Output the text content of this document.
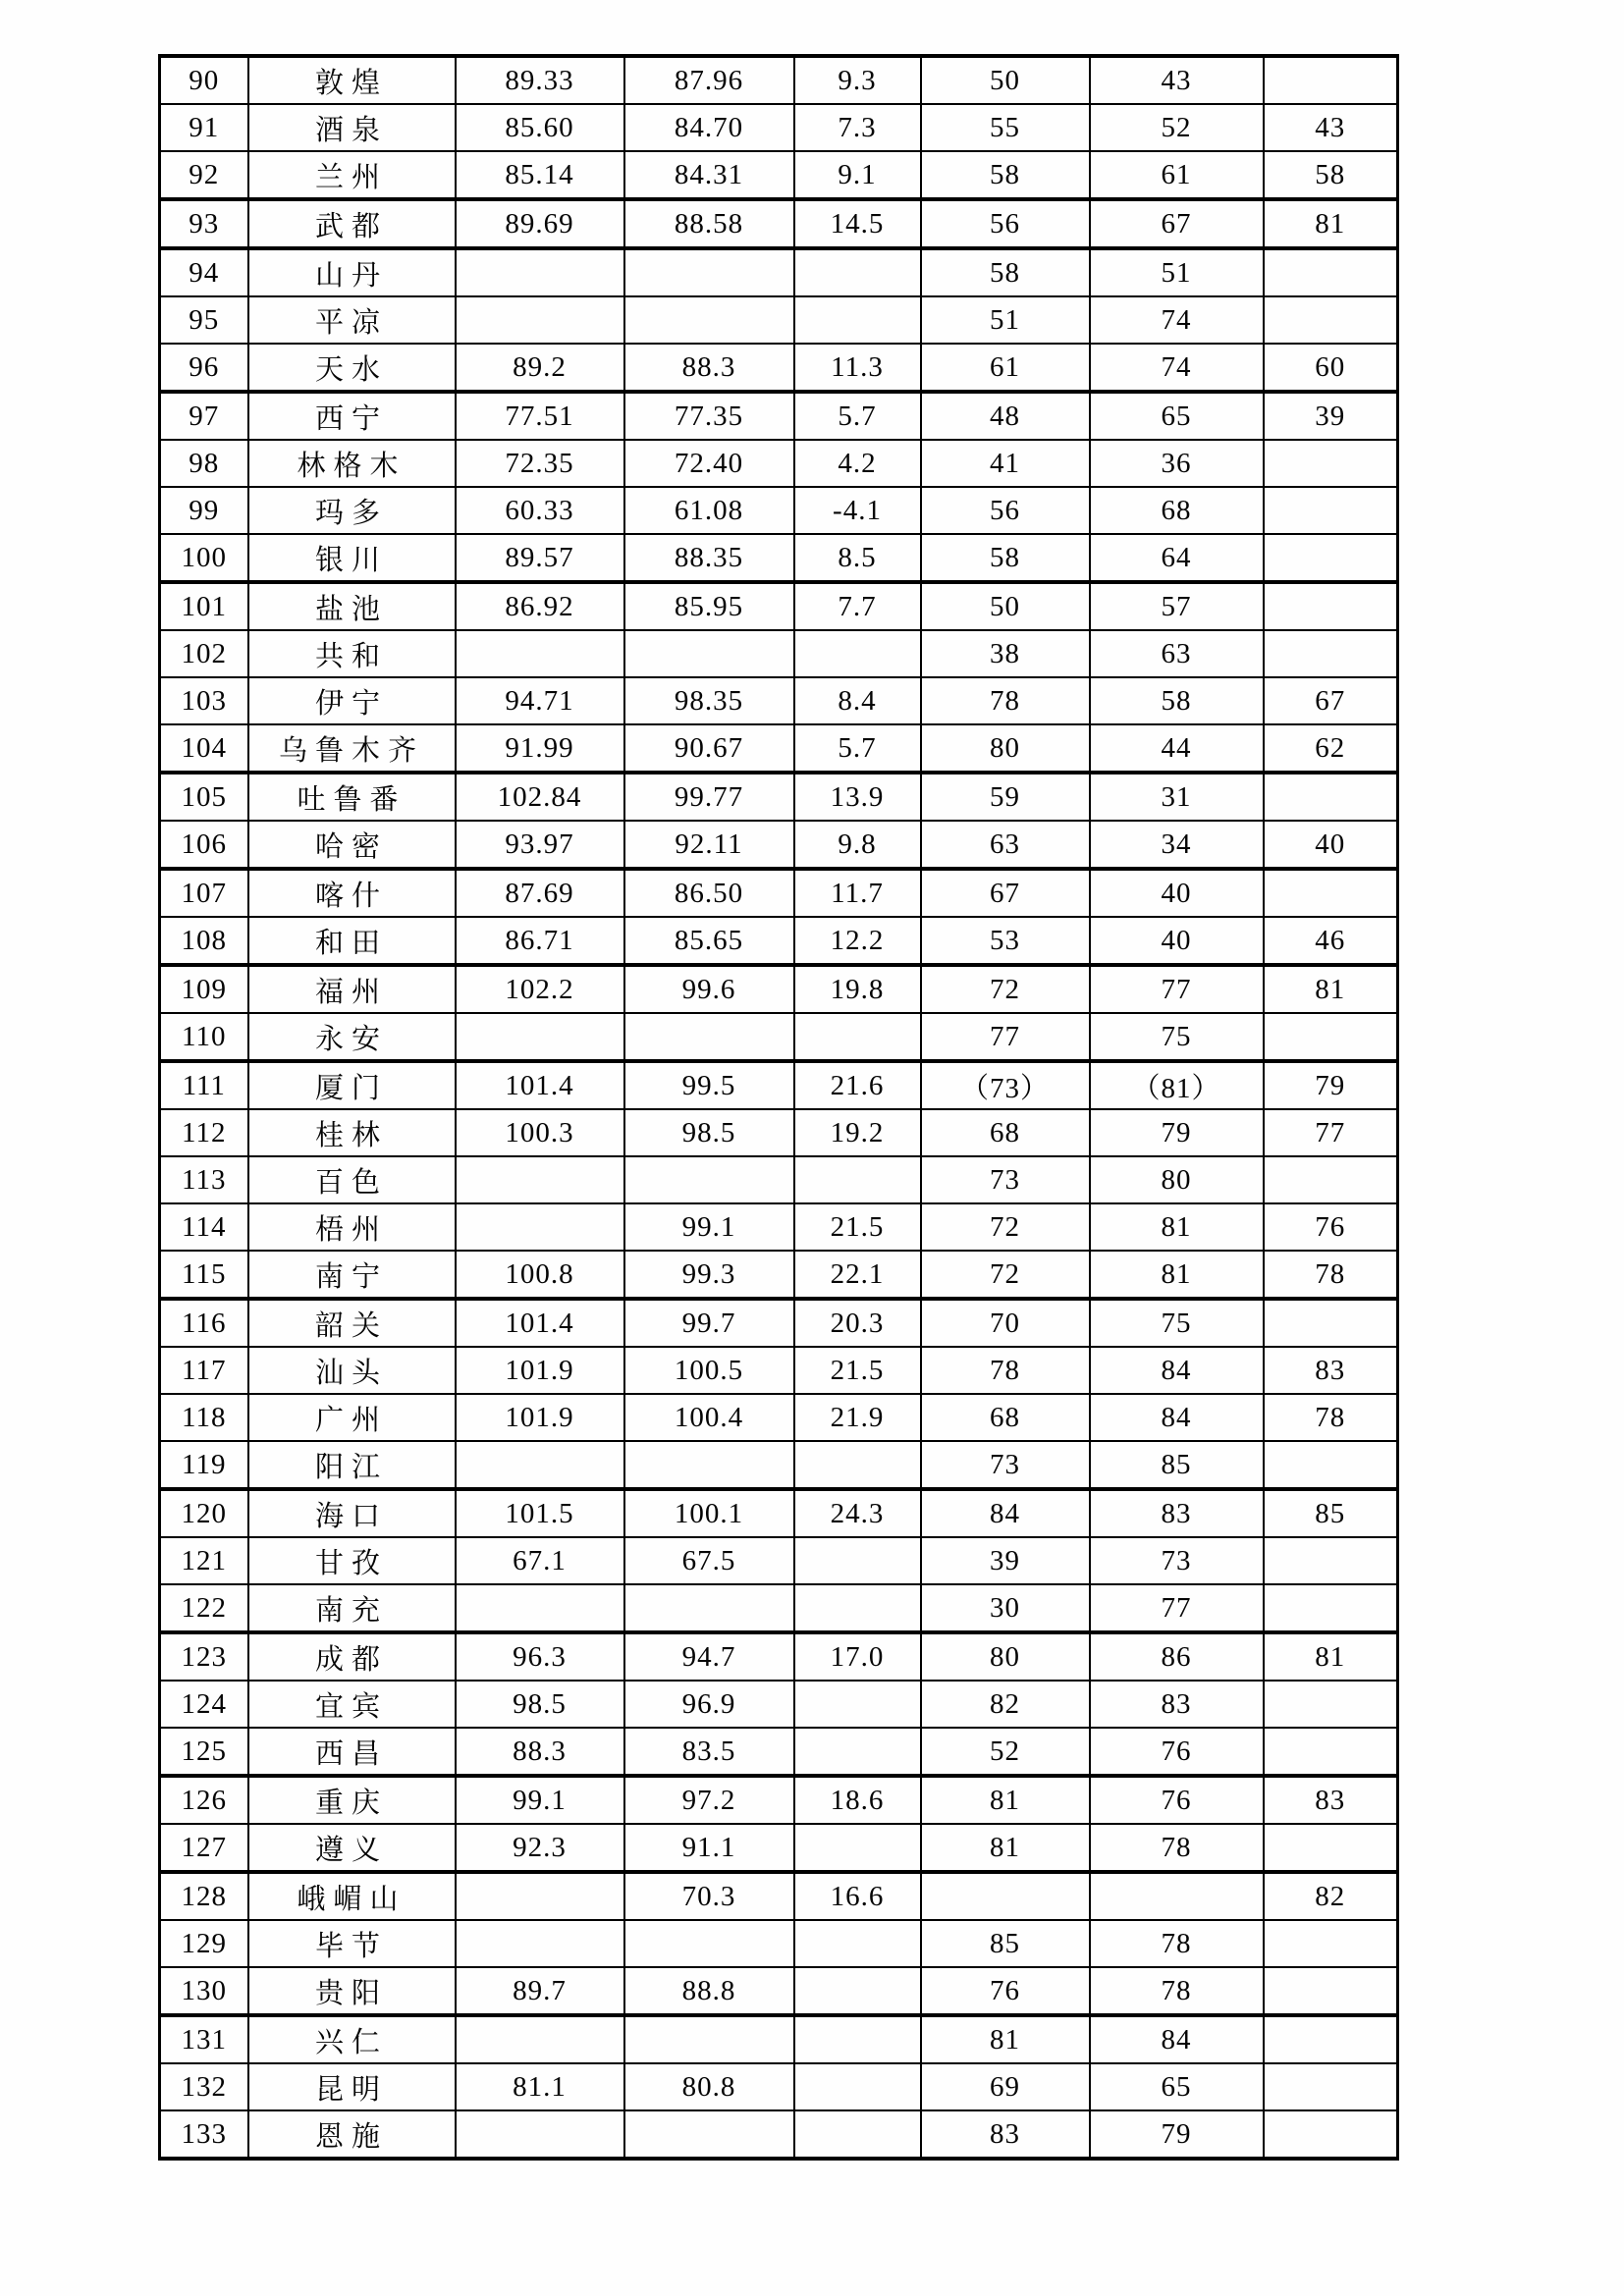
90	敦煌	89.33	87.96	9.3	50	43	
91	酒泉	85.60	84.70	7.3	55	52	43
92	兰州	85.14	84.31	9.1	58	61	58
93	武都	89.69	88.58	14.5	56	67	81
94	山丹				58	51	
95	平凉				51	74	
96	天水	89.2	88.3	11.3	61	74	60
97	西宁	77.51	77.35	5.7	48	65	39
98	林格木	72.35	72.40	4.2	41	36	
99	玛多	60.33	61.08	-4.1	56	68	
100	银川	89.57	88.35	8.5	58	64	
101	盐池	86.92	85.95	7.7	50	57	
102	共和				38	63	
103	伊宁	94.71	98.35	8.4	78	58	67
104	乌鲁木齐	91.99	90.67	5.7	80	44	62
105	吐鲁番	102.84	99.77	13.9	59	31	
106	哈密	93.97	92.11	9.8	63	34	40
107	喀什	87.69	86.50	11.7	67	40	
108	和田	86.71	85.65	12.2	53	40	46
109	福州	102.2	99.6	19.8	72	77	81
110	永安				77	75	
111	厦门	101.4	99.5	21.6	（73）	（81）	79
112	桂林	100.3	98.5	19.2	68	79	77
113	百色				73	80	
114	梧州		99.1	21.5	72	81	76
115	南宁	100.8	99.3	22.1	72	81	78
116	韶关	101.4	99.7	20.3	70	75	
117	汕头	101.9	100.5	21.5	78	84	83
118	广州	101.9	100.4	21.9	68	84	78
119	阳江				73	85	
120	海口	101.5	100.1	24.3	84	83	85
121	甘孜	67.1	67.5		39	73	
122	南充				30	77	
123	成都	96.3	94.7	17.0	80	86	81
124	宜宾	98.5	96.9		82	83	
125	西昌	88.3	83.5		52	76	
126	重庆	99.1	97.2	18.6	81	76	83
127	遵义	92.3	91.1		81	78	
128	峨嵋山		70.3	16.6			82
129	毕节				85	78	
130	贵阳	89.7	88.8		76	78	
131	兴仁				81	84	
132	昆明	81.1	80.8		69	65	
133	恩施				83	79	
